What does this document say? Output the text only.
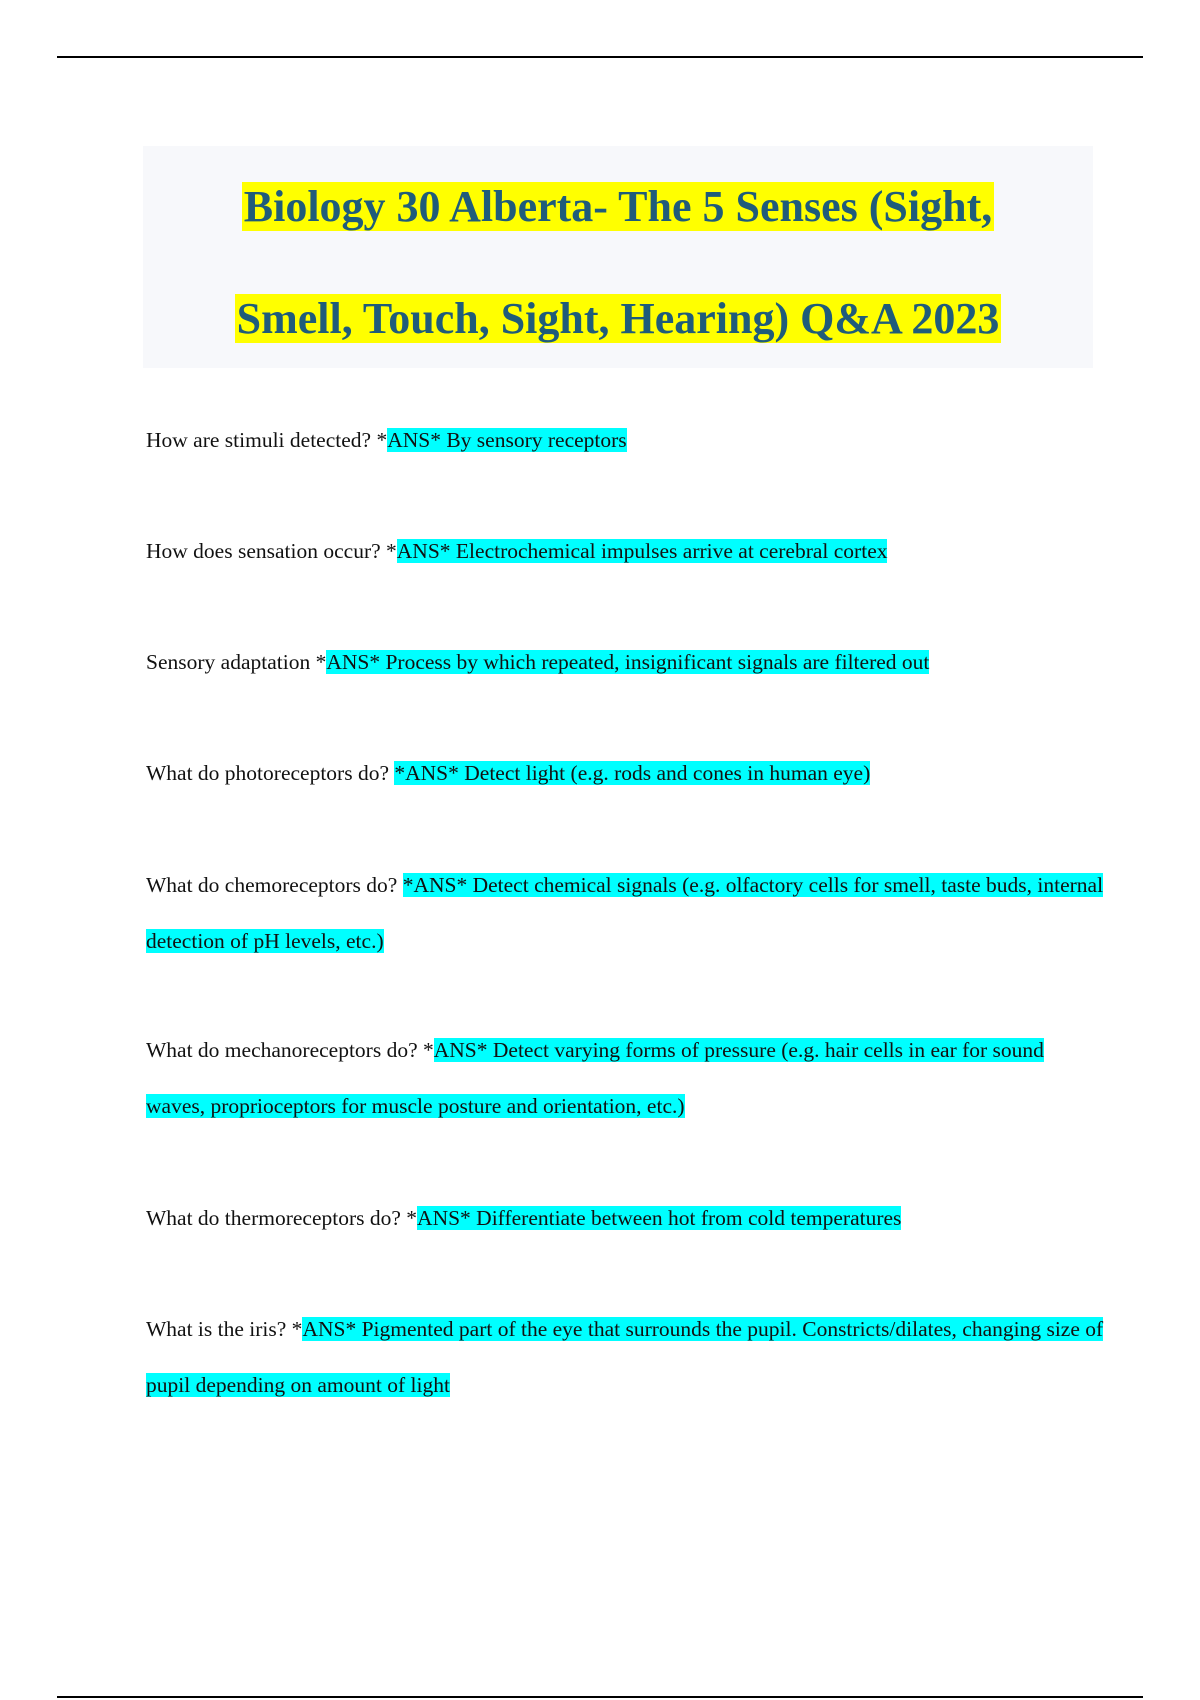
Biology 30 Alberta- The 5 Senses (Sight,
Smell, Touch, Sight, Hearing) Q&A 2023

How are stimuli detected? *ANS* By sensory receptors

How does sensation occur? *ANS* Electrochemical impulses arrive at cerebral cortex

Sensory adaptation *ANS* Process by which repeated, insignificant signals are filtered out

What do photoreceptors do? *ANS* Detect light (e.g. rods and cones in human eye)

What do chemoreceptors do? *ANS* Detect chemical signals (e.g. olfactory cells for smell, taste buds, internal detection of pH levels, etc.)

What do mechanoreceptors do? *ANS* Detect varying forms of pressure (e.g. hair cells in ear for sound waves, proprioceptors for muscle posture and orientation, etc.)

What do thermoreceptors do? *ANS* Differentiate between hot from cold temperatures

What is the iris? *ANS* Pigmented part of the eye that surrounds the pupil. Constricts/dilates, changing size of pupil depending on amount of light
